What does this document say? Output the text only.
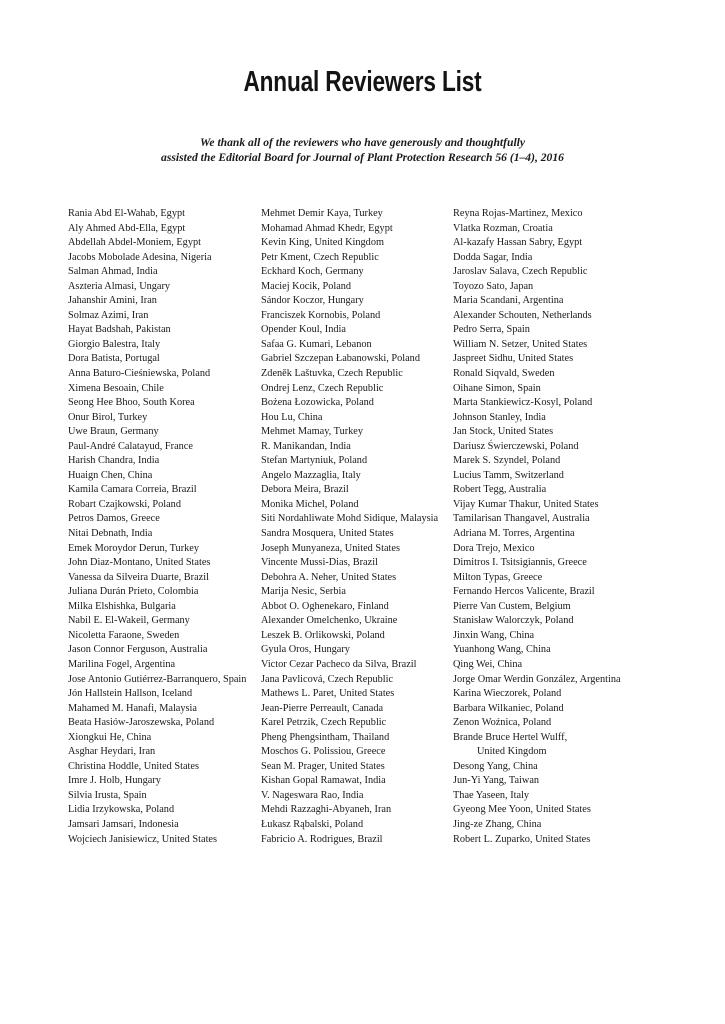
Annual Reviewers List
We thank all of the reviewers who have generously and thoughtfully
assisted the Editorial Board for Journal of Plant Protection Research 56 (1–4), 2016
Rania Abd El-Wahab, Egypt
Aly Ahmed Abd-Ella, Egypt
Abdellah Abdel-Moniem, Egypt
Jacobs Mobolade Adesina, Nigeria
Salman Ahmad, India
Aszteria Almasi, Ungary
Jahanshir Amini, Iran
Solmaz Azimi, Iran
Hayat Badshah, Pakistan
Giorgio Balestra, Italy
Dora Batista, Portugal
Anna Baturo-Cieśniewska, Poland
Ximena Besoain, Chile
Seong Hee Bhoo, South Korea
Onur Birol, Turkey
Uwe Braun, Germany
Paul-André Calatayud, France
Harish Chandra, India
Huaign Chen, China
Kamila Camara Correia, Brazil
Robart Czajkowski, Poland
Petros Damos, Greece
Nitai Debnath, India
Emek Moroydor Derun, Turkey
John Diaz-Montano, United States
Vanessa da Silveira Duarte, Brazil
Juliana Durán Prieto, Colombia
Milka Elshishka, Bulgaria
Nabil E. El-Wakeil, Germany
Nicoletta Faraone, Sweden
Jason Connor Ferguson, Australia
Marilina Fogel, Argentina
Jose Antonio Gutiérrez-Barranquero, Spain
Jón Hallstein Hallson, Iceland
Mahamed M. Hanafi, Malaysia
Beata Hasiów-Jaroszewska, Poland
Xiongkui He, China
Asghar Heydari, Iran
Christina Hoddle, United States
Imre J. Holb, Hungary
Silvia Irusta, Spain
Lidia Irzykowska, Poland
Jamsari Jamsari, Indonesia
Wojciech Janisiewicz, United States
Mehmet Demir Kaya, Turkey
Mohamad Ahmad Khedr, Egypt
Kevin King, United Kingdom
Petr Kment, Czech Republic
Eckhard Koch, Germany
Maciej Kocik, Poland
Sándor Koczor, Hungary
Franciszek Kornobis, Poland
Opender Koul, India
Safaa G. Kumari, Lebanon
Gabriel Szczepan Łabanowski, Poland
Zdeněk Laštuvka, Czech Republic
Ondrej Lenz, Czech Republic
Bożena Łozowicka, Poland
Hou Lu, China
Mehmet Mamay, Turkey
R. Manikandan, India
Stefan Martyniuk, Poland
Angelo Mazzaglia, Italy
Debora Meira, Brazil
Monika Michel, Poland
Siti Nordahliwate Mohd Sidique, Malaysia
Sandra Mosquera, United States
Joseph Munyaneza, United States
Vincente Mussi-Dias, Brazil
Debohra A. Neher, United States
Marija Nesic, Serbia
Abbot O. Oghenekaro, Finland
Alexander Omelchenko, Ukraine
Leszek B. Orlikowski, Poland
Gyula Oros, Hungary
Victor Cezar Pacheco da Silva, Brazil
Jana Pavlicová, Czech Republic
Mathews L. Paret, United States
Jean-Pierre Perreault, Canada
Karel Petrzik, Czech Republic
Pheng Phengsintham, Thailand
Moschos G. Polissiou, Greece
Sean M. Prager, United States
Kishan Gopal Ramawat, India
V. Nageswara Rao, India
Mehdi Razzaghi-Abyaneh, Iran
Łukasz Rąbalski, Poland
Fabricio A. Rodrigues, Brazil
Reyna Rojas-Martinez, Mexico
Vlatka Rozman, Croatia
Al-kazafy Hassan Sabry, Egypt
Dodda Sagar, India
Jaroslav Salava, Czech Republic
Toyozo Sato, Japan
Maria Scandani, Argentina
Alexander Schouten, Netherlands
Pedro Serra, Spain
William N. Setzer, United States
Jaspreet Sidhu, United States
Ronald Siqvald, Sweden
Oihane Simon, Spain
Marta Stankiewicz-Kosyl, Poland
Johnson Stanley, India
Jan Stock, United States
Dariusz Świerczewski, Poland
Marek S. Szyndel, Poland
Lucius Tamm, Switzerland
Robert Tegg, Australia
Vijay Kumar Thakur, United States
Tamilarisan Thangavel, Australia
Adriana M. Torres, Argentina
Dora Trejo, Mexico
Dimitros I. Tsitsigiannis, Greece
Milton Typas, Greece
Fernando Hercos Valicente, Brazil
Pierre Van Custem, Belgium
Stanisław Walorczyk, Poland
Jinxin Wang, China
Yuanhong Wang, China
Qing Wei, China
Jorge Omar Werdin González, Argentina
Karina Wieczorek, Poland
Barbara Wilkaniec, Poland
Zenon Woźnica, Poland
Brande Bruce Hertel Wulff,
United Kingdom
Desong Yang, China
Jun-Yi Yang, Taiwan
Thae Yaseen, Italy
Gyeong Mee Yoon, United States
Jing-ze Zhang, China
Robert L. Zuparko, United States
